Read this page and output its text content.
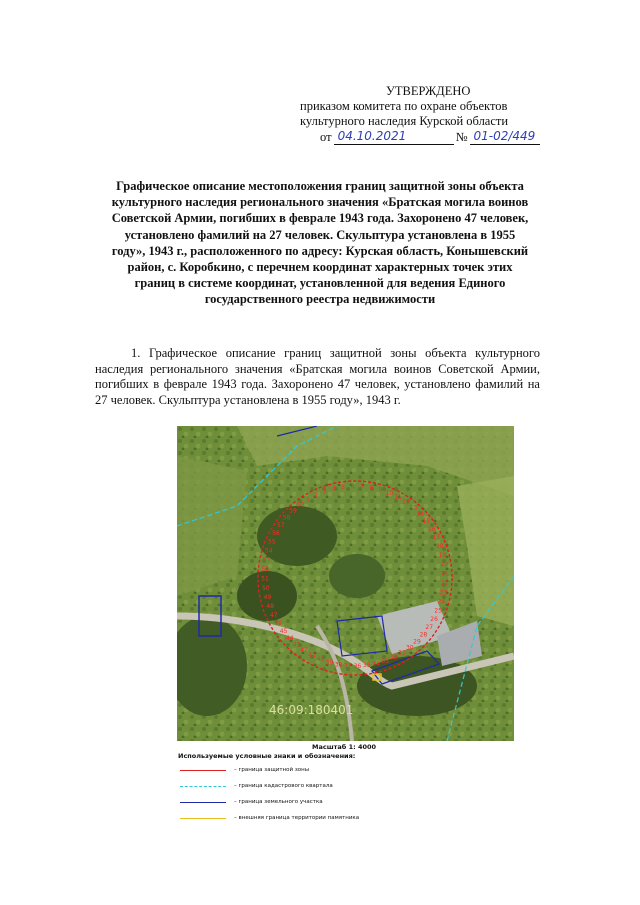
УТВЕРЖДЕНО
приказом комитета по охране объектов
культурного наследия Курской области
от 04.10.2021	№ 01-02/449
Графическое описание местоположения границ защитной зоны объекта культурного наследия регионального значения «Братская могила воинов Советской Армии, погибших в феврале 1943 года. Захоронено 47 человек, установлено фамилий на 27 человек. Скульптура установлена в 1955 году», 1943 г., расположенного по адресу: Курская область, Конышевский район, с. Коробкино, с перечнем координат характерных точек этих границ в системе координат, установленной для ведения Единого государственного реестра недвижимости
1. Графическое описание границ защитной зоны объекта культурного наследия регионального значения «Братская могила воинов Советской Армии, погибших в феврале 1943 года. Захоронено 47 человек, установлено фамилий на 27 человек. Скульптура установлена в 1955 году», 1943 г.
1
2
3 4 5 6 7 8 9 10
11
12
13
14
15
16
17
18
19
20
21
22
23
24
25
26
27
28
29
30
31
32
33
34
35
36
37
38
39
40
41
42
43
44
45
46
47
48
49
50
51
52
53
54
55
56
57
58
59
60
46:09:180401
Масштаб 1: 4000
Используемые условные знаки и обозначения:
– граница защитной зоны
– граница кадастрового квартала
– граница земельного участка
– внешняя граница территории памятника
